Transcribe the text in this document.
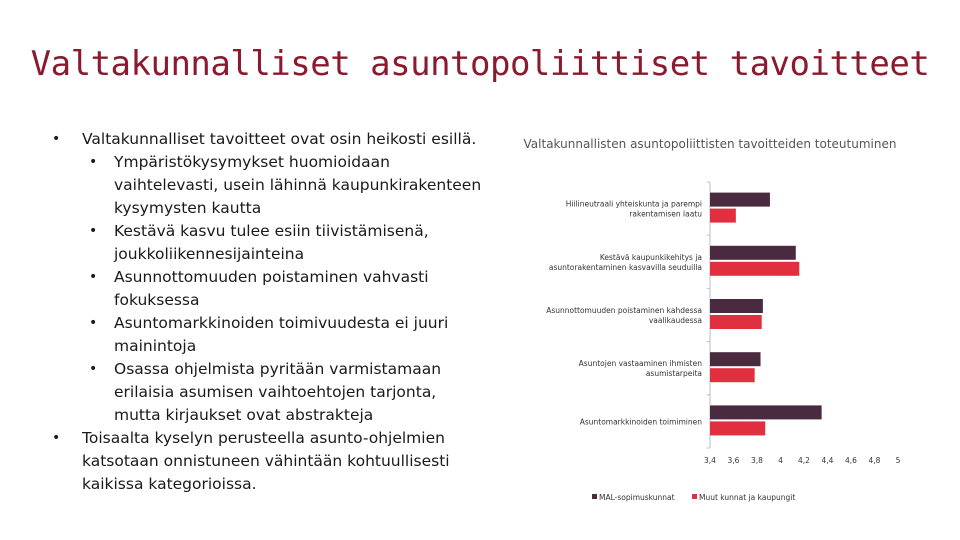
Valtakunnalliset asuntopoliittiset tavoitteet
• Valtakunnalliset tavoitteet ovat osin heikosti esillä.
• Ympäristökysymykset huomioidaan vaihtelevasti, usein lähinnä kaupunkirakenteen kysymysten kautta
• Kestävä kasvu tulee esiin tiivistämisenä, joukkoliikennesijainteina
• Asunnottomuuden poistaminen vahvasti fokuksessa
• Asuntomarkkinoiden toimivuudesta ei juuri mainintoja
• Osassa ohjelmista pyritään varmistamaan erilaisia asumisen vaihtoehtojen tarjonta, mutta kirjaukset ovat abstrakteja
• Toisaalta kyselyn perusteella asunto-ohjelmien katsotaan onnistuneen vähintään kohtuullisesti kaikissa kategorioissa.
Valtakunnallisten asuntopoliittisten tavoitteiden toteutuminen
Hiilineutraali yhteiskunta ja parempi rakentamisen laatu
Kestävä kaupunkikehitys ja asuntorakentaminen kasvavilla seuduilla
Asunnottomuuden poistaminen kahdessa vaalikaudessa
Asuntojen vastaaminen ihmisten asumistarpeita
Asuntomarkkinoiden toimiminen
3,4 3,6 3,8 4 4,2 4,4 4,6 4,8 5
MAL-sopimuskunnat	Muut kunnat ja kaupungit
